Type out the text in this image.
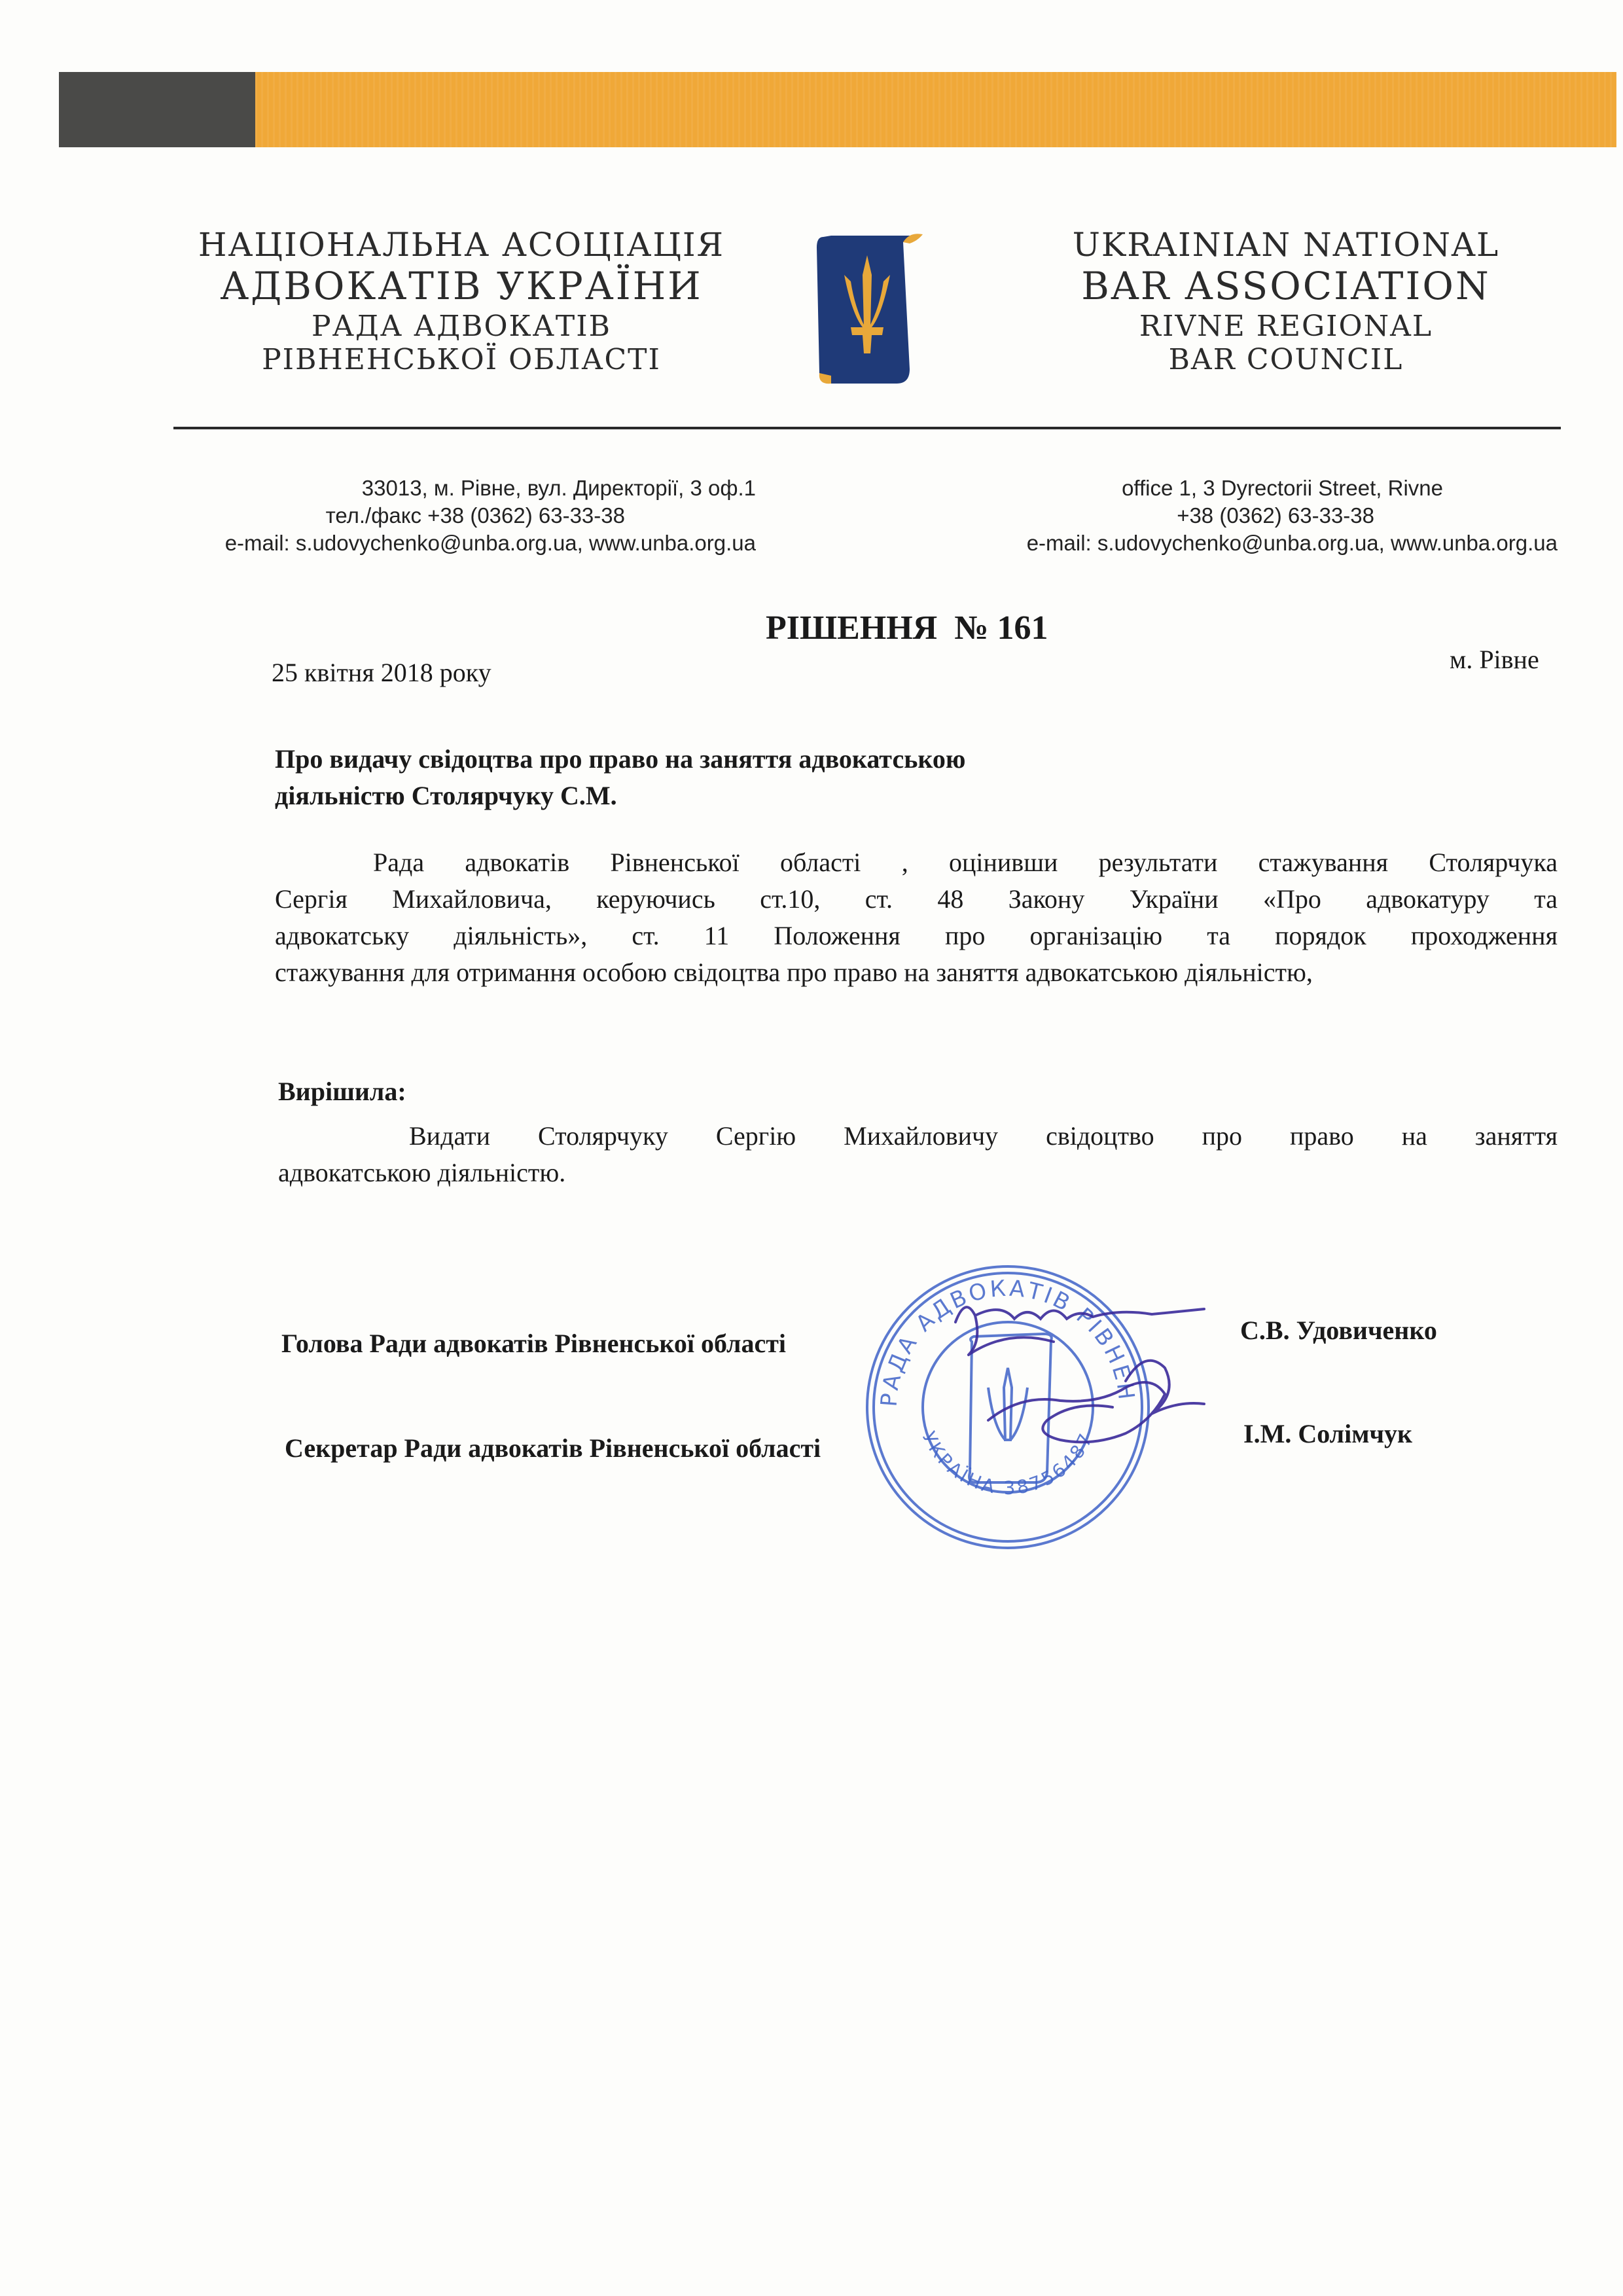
НАЦІОНАЛЬНА АСОЦІАЦІЯ
АДВОКАТІВ УКРАЇНИ
РАДА АДВОКАТІВ
РІВНЕНСЬКОЇ ОБЛАСТІ
UKRAINIAN NATIONAL
BAR ASSOCIATION
RIVNE REGIONAL
BAR COUNCIL
33013, м. Рівне, вул. Директорії, 3 оф.1
тел./факс +38 (0362) 63-33-38
e-mail: s.udovychenko@unba.org.ua, www.unba.org.ua
office 1, 3 Dyrectorii Street, Rivne
+38 (0362) 63-33-38
e-mail: s.udovychenko@unba.org.ua, www.unba.org.ua
РІШЕННЯ  № 161
25 квітня 2018 року	м. Рівне
Про видачу свідоцтва про право на заняття адвокатською
діяльністю Столярчуку С.М.
Рада адвокатів Рівненської області , оцінивши результати стажування Столярчука
Сергія Михайловича, керуючись ст.10, ст. 48 Закону України «Про адвокатуру та
адвокатську діяльність», ст. 11 Положення про організацію та порядок проходження
стажування для отримання особою свідоцтва про право на заняття адвокатською діяльністю,
Вирішила:
Видати Столярчуку Сергію Михайловичу свідоцтво про право на заняття
адвокатською діяльністю.
Голова Ради адвокатів Рівненської області	С.В. Удовиченко
Секретар Ради адвокатів Рівненської області	І.М. Солімчук
РАДА АДВОКАТІВ РІВНЕН
УКРАЇНА 38756487
